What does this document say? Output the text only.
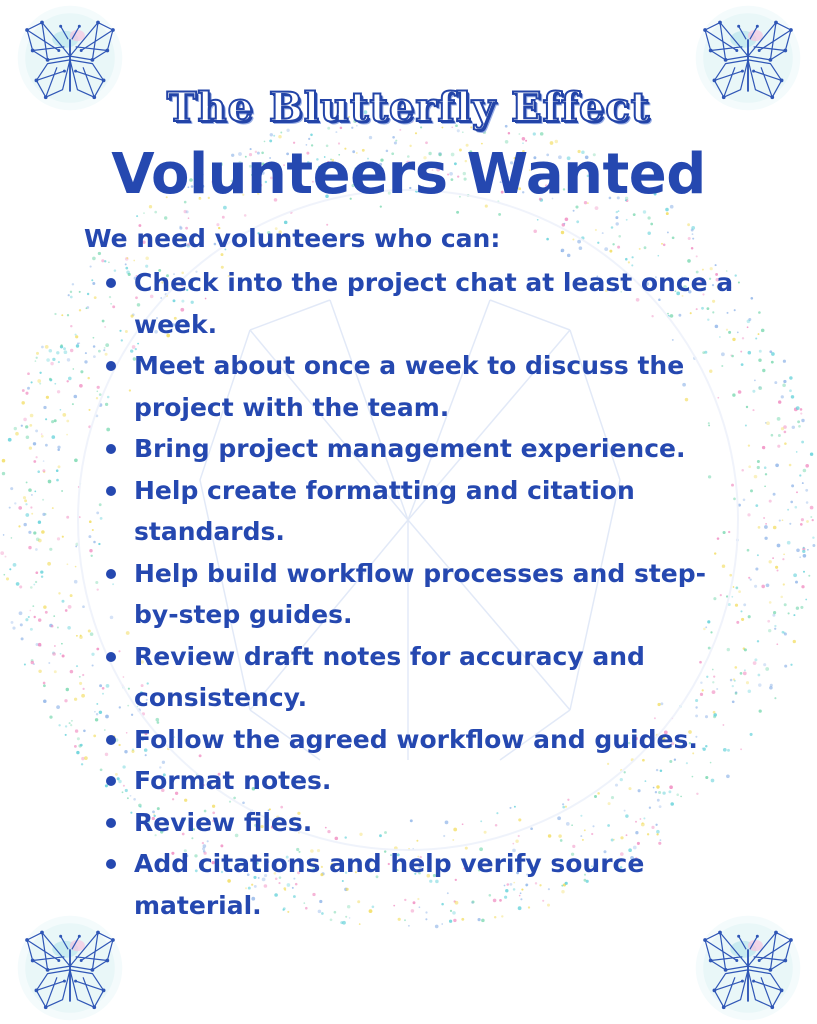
The Blutterfly Effect
Volunteers Wanted
We need volunteers who can:
Check into the project chat at least once a week.
Meet about once a week to discuss the project with the team.
Bring project management experience.
Help create formatting and citation standards.
Help build workflow processes and step-by-step guides.
Review draft notes for accuracy and consistency.
Follow the agreed workflow and guides.
Format notes.
Review files.
Add citations and help verify source material.
